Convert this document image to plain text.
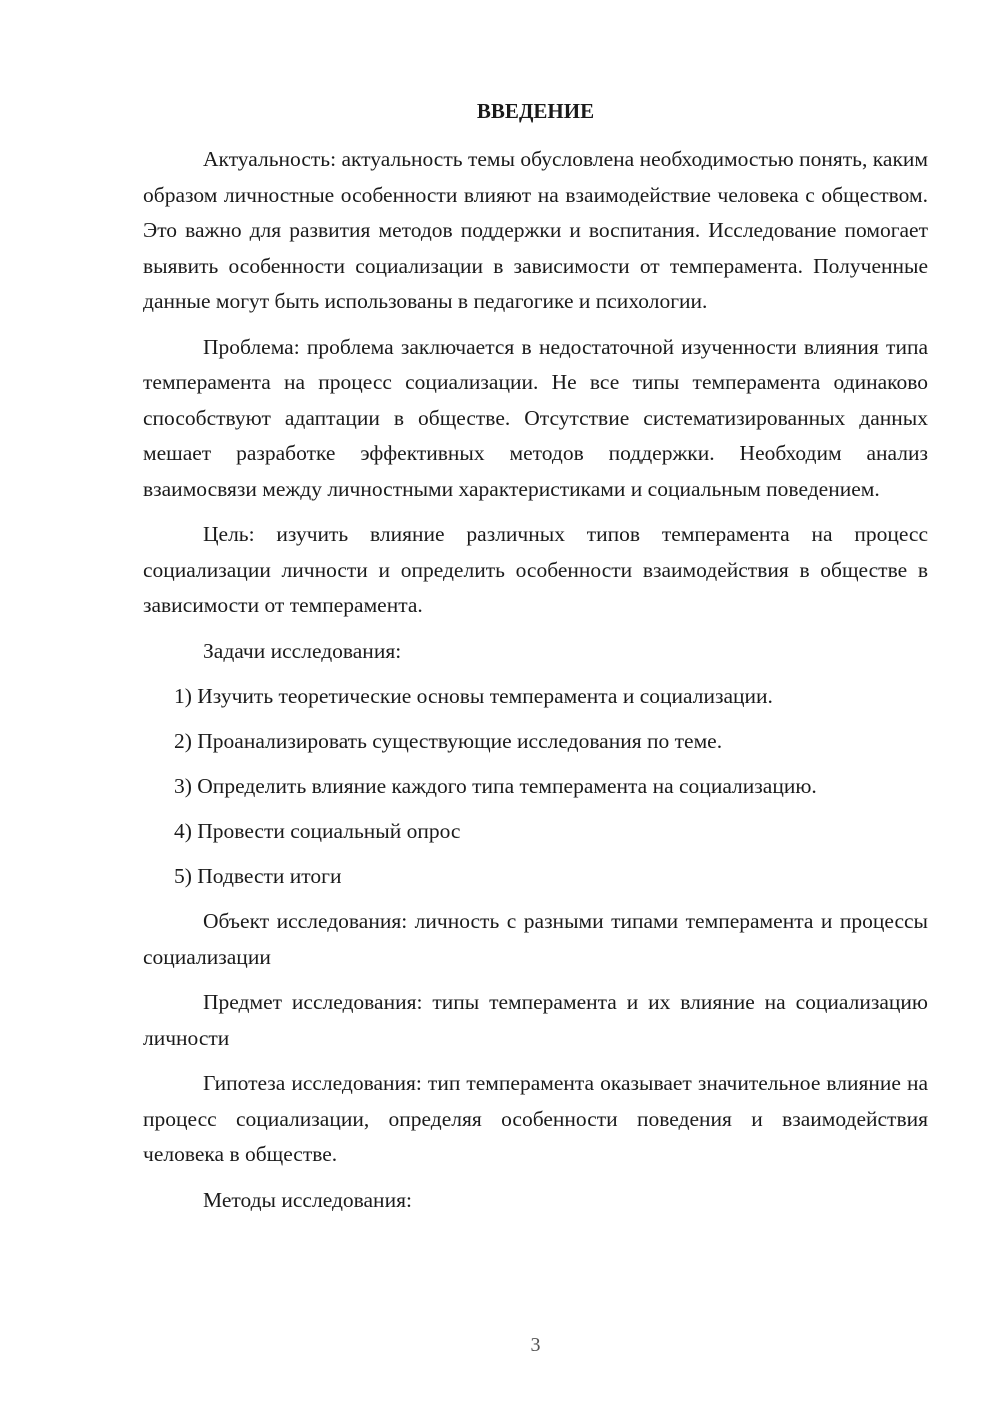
ВВЕДЕНИЕ

Актуальность: актуальность темы обусловлена необходимостью понять, каким образом личностные особенности влияют на взаимодействие человека с обществом. Это важно для развития методов поддержки и воспитания. Исследование помогает выявить особенности социализации в зависимости от темперамента. Полученные данные могут быть использованы в педагогике и психологии.

Проблема: проблема заключается в недостаточной изученности влияния типа темперамента на процесс социализации. Не все типы темперамента одинаково способствуют адаптации в обществе. Отсутствие систематизированных данных мешает разработке эффективных методов поддержки. Необходим анализ взаимосвязи между личностными характеристиками и социальным поведением.

Цель: изучить влияние различных типов темперамента на процесс социализации личности и определить особенности взаимодействия в обществе в зависимости от темперамента.

Задачи исследования:

1) Изучить теоретические основы темперамента и социализации.

2) Проанализировать существующие исследования по теме.

3) Определить влияние каждого типа темперамента на социализацию.

4) Провести социальный опрос

5) Подвести итоги

Объект исследования: личность с разными типами темперамента и процессы социализации

Предмет исследования: типы темперамента и их влияние на социализацию личности

Гипотеза исследования: тип темперамента оказывает значительное влияние на процесс социализации, определяя особенности поведения и взаимодействия человека в обществе.

Методы исследования:

3
